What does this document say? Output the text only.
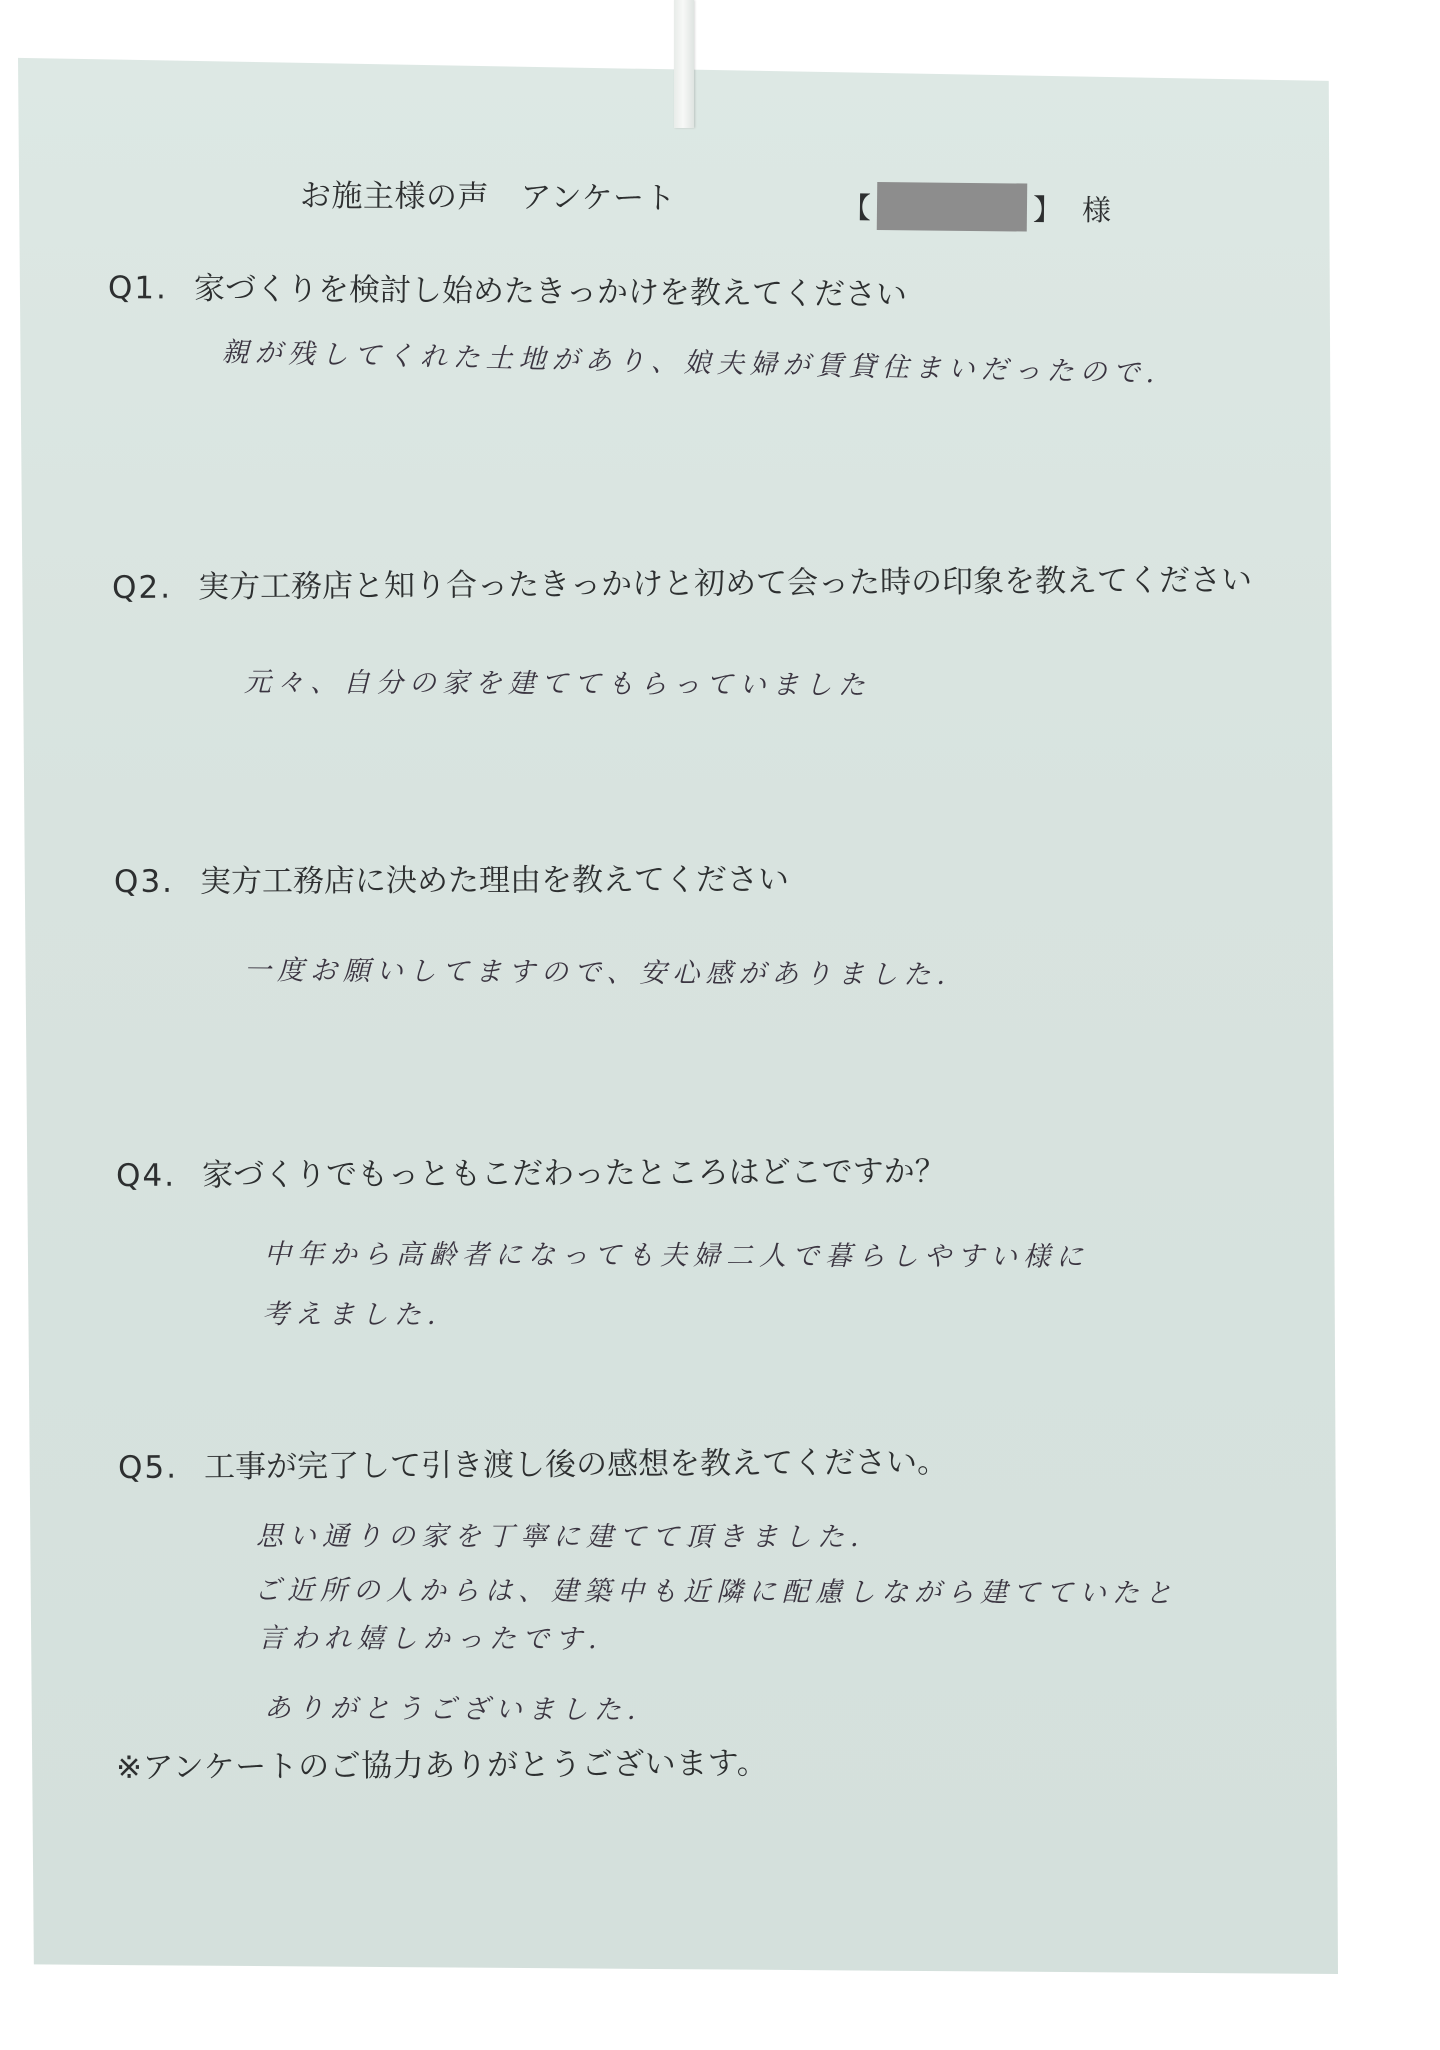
お施主様の声　アンケート	【	】 様
Q1. 家づくりを検討し始めたきっかけを教えてください
親が残してくれた土地があり、娘夫婦が賃貸住まいだったので.
Q2. 実方工務店と知り合ったきっかけと初めて会った時の印象を教えてください
元々、自分の家を建ててもらっていました
Q3. 実方工務店に決めた理由を教えてください
一度お願いしてますので、安心感がありました.
Q4. 家づくりでもっともこだわったところはどこですか？
中年から高齢者になっても夫婦二人で暮らしやすい様に
考えました.
Q5. 工事が完了して引き渡し後の感想を教えてください。
思い通りの家を丁寧に建てて頂きました.
ご近所の人からは、建築中も近隣に配慮しながら建てていたと
言われ嬉しかったです.
ありがとうございました.
※アンケートのご協力ありがとうございます。
